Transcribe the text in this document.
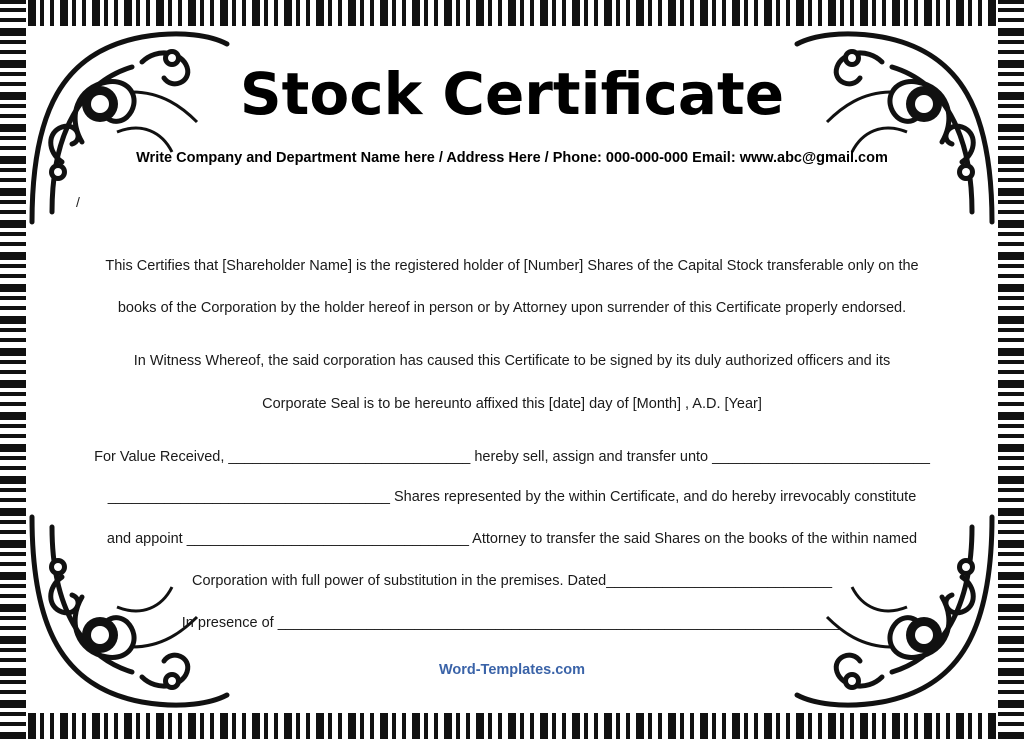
Stock Certificate
Write Company and Department Name here / Address Here / Phone: 000-000-000 Email: www.abc@gmail.com
/
This Certifies that [Shareholder Name] is the registered holder of [Number] Shares of the Capital Stock transferable only on the
books of the Corporation by the holder hereof in person or by Attorney upon surrender of this Certificate properly endorsed.
In Witness Whereof, the said corporation has caused this Certificate to be signed by its duly authorized officers and its
Corporate Seal is to be hereunto affixed this [date] day of [Month] , A.D. [Year]
For Value Received, ______________________________ hereby sell, assign and transfer unto ___________________________
___________________________________ Shares represented by the within Certificate, and do hereby irrevocably constitute
and appoint ___________________________________ Attorney to transfer the said Shares on the books of the within named
Corporation with full power of substitution in the premises. Dated____________________________
In presence of ______________________________________________________________________
Word-Templates.com
